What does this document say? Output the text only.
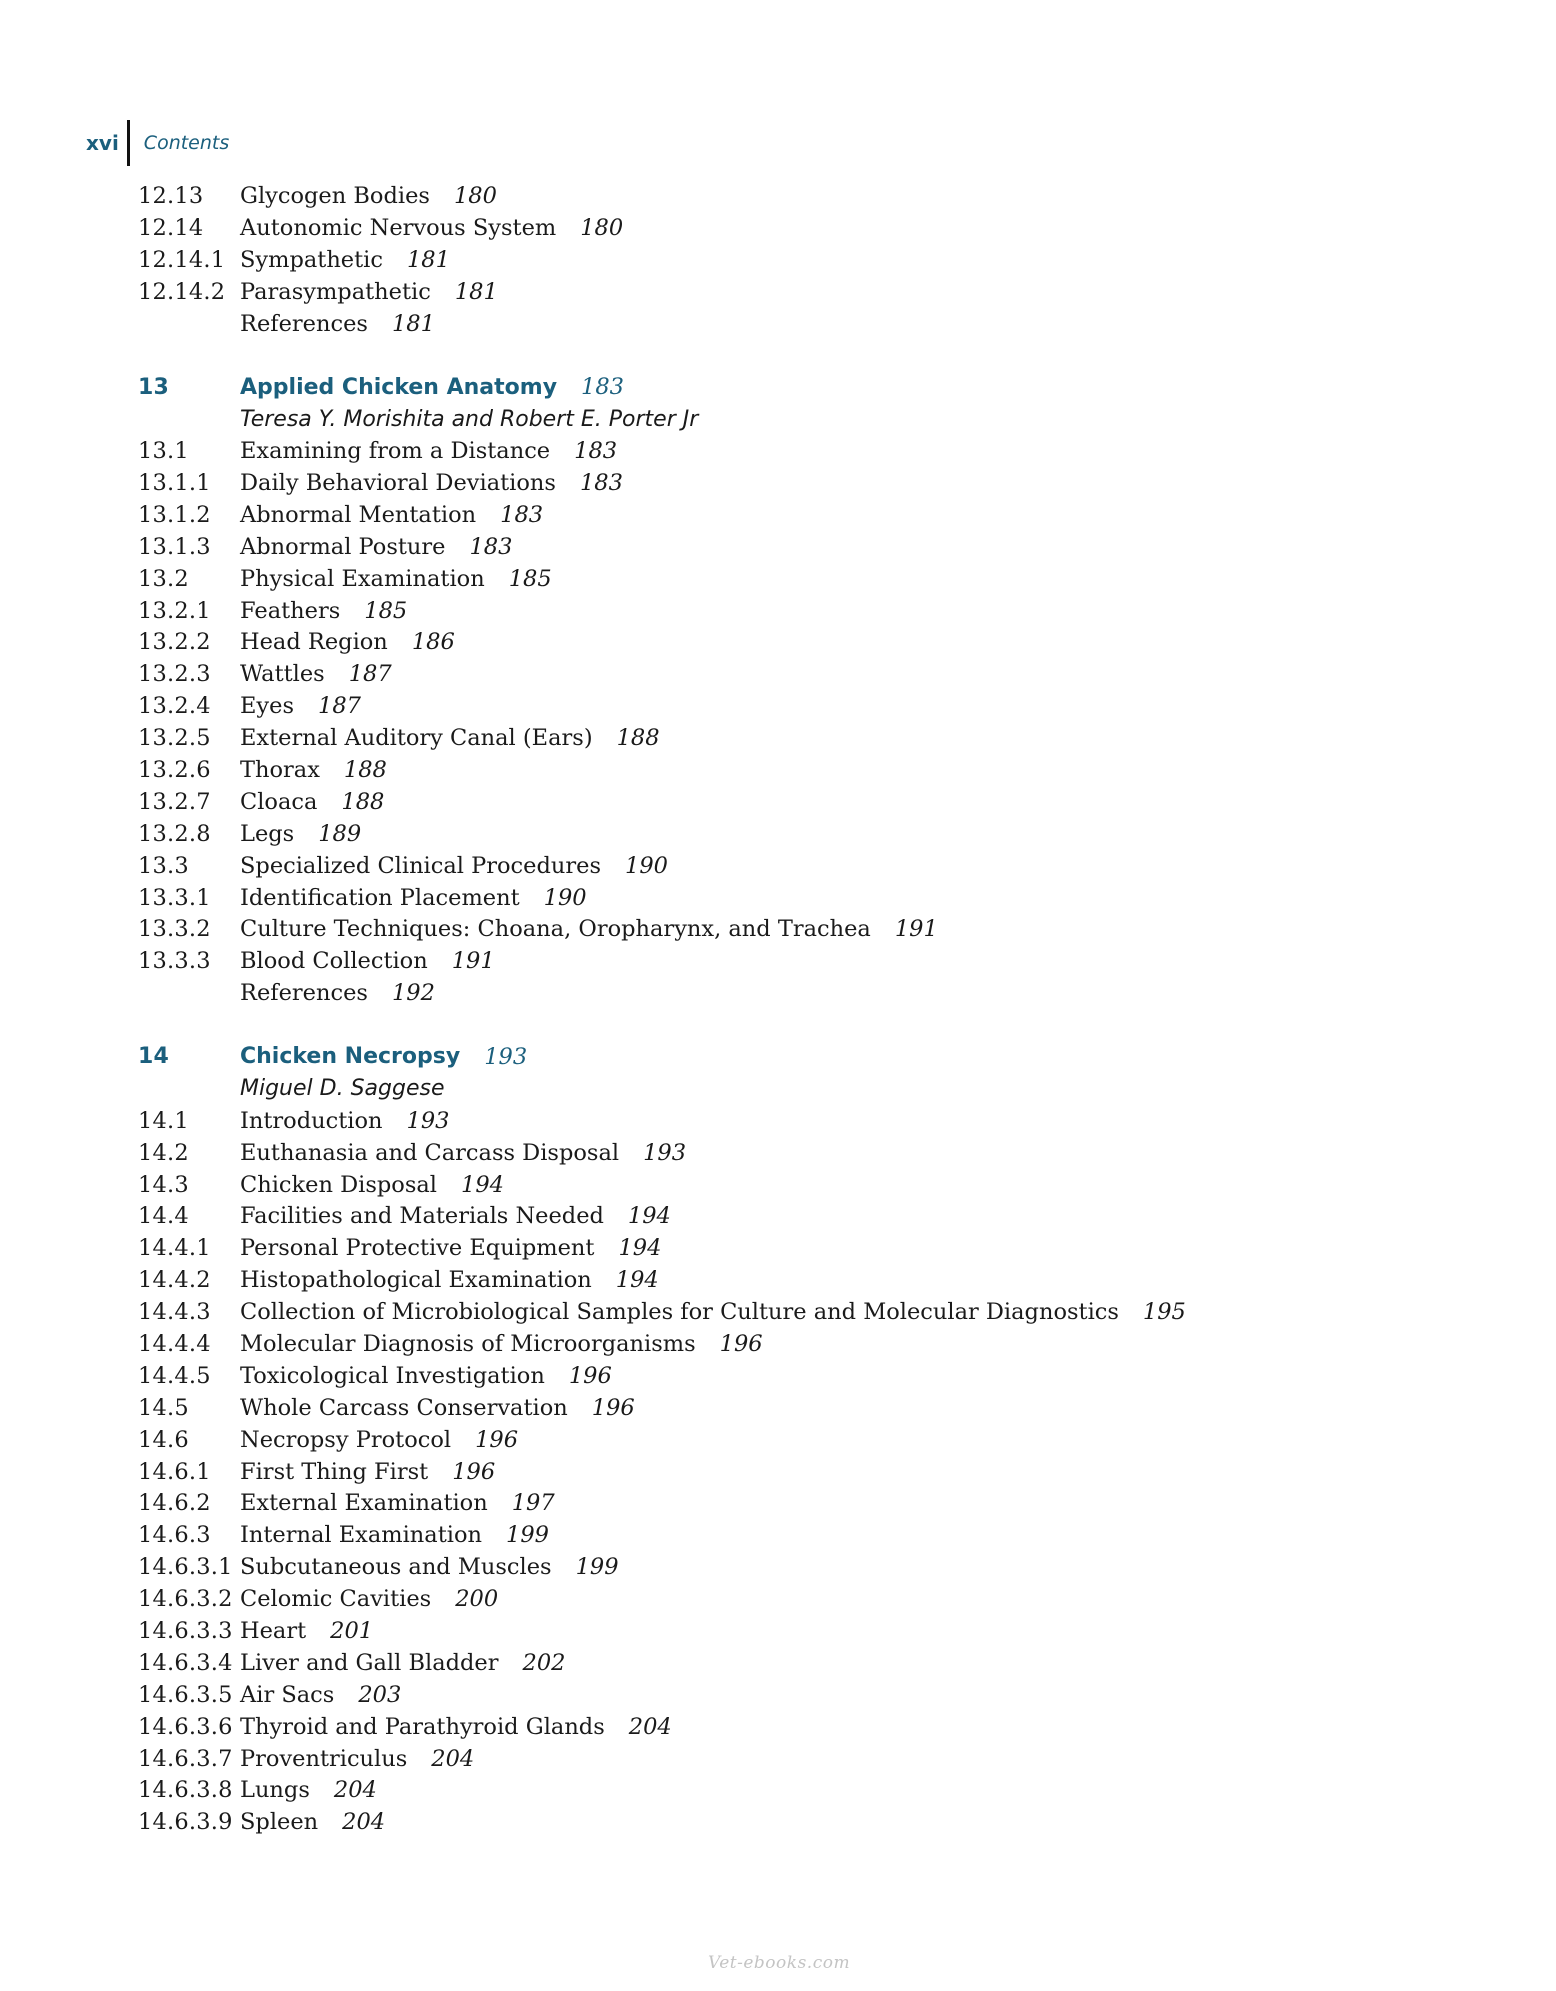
xvi	Contents
12.13	Glycogen Bodies 180
12.14	Autonomic Nervous System 180
12.14.1 Sympathetic 181
12.14.2 Parasympathetic 181
References 181
13	Applied Chicken Anatomy 183
Teresa Y. Morishita and Robert E. Porter Jr
13.1	Examining from a Distance 183
13.1.1	Daily Behavioral Deviations 183
13.1.2	Abnormal Mentation 183
13.1.3	Abnormal Posture 183
13.2	Physical Examination 185
13.2.1	Feathers 185
13.2.2	Head Region 186
13.2.3	Wattles 187
13.2.4	Eyes 187
13.2.5	External Auditory Canal (Ears) 188
13.2.6	Thorax 188
13.2.7	Cloaca 188
13.2.8	Legs 189
13.3	Specialized Clinical Procedures 190
13.3.1	Identification Placement 190
13.3.2	Culture Techniques: Choana, Oropharynx, and Trachea 191
13.3.3	Blood Collection 191
References 192
14	Chicken Necropsy 193
Miguel D. Saggese
14.1	Introduction 193
14.2	Euthanasia and Carcass Disposal 193
14.3	Chicken Disposal 194
14.4	Facilities and Materials Needed 194
14.4.1	Personal Protective Equipment 194
14.4.2	Histopathological Examination 194
14.4.3	Collection of Microbiological Samples for Culture and Molecular Diagnostics 195
14.4.4	Molecular Diagnosis of Microorganisms 196
14.4.5	Toxicological Investigation 196
14.5	Whole Carcass Conservation 196
14.6	Necropsy Protocol 196
14.6.1	First Thing First 196
14.6.2	External Examination 197
14.6.3	Internal Examination 199
14.6.3.1 Subcutaneous and Muscles 199
14.6.3.2 Celomic Cavities 200
14.6.3.3 Heart 201
14.6.3.4 Liver and Gall Bladder 202
14.6.3.5 Air Sacs 203
14.6.3.6 Thyroid and Parathyroid Glands 204
14.6.3.7 Proventriculus 204
14.6.3.8 Lungs 204
14.6.3.9 Spleen 204
Vet-ebooks.com
